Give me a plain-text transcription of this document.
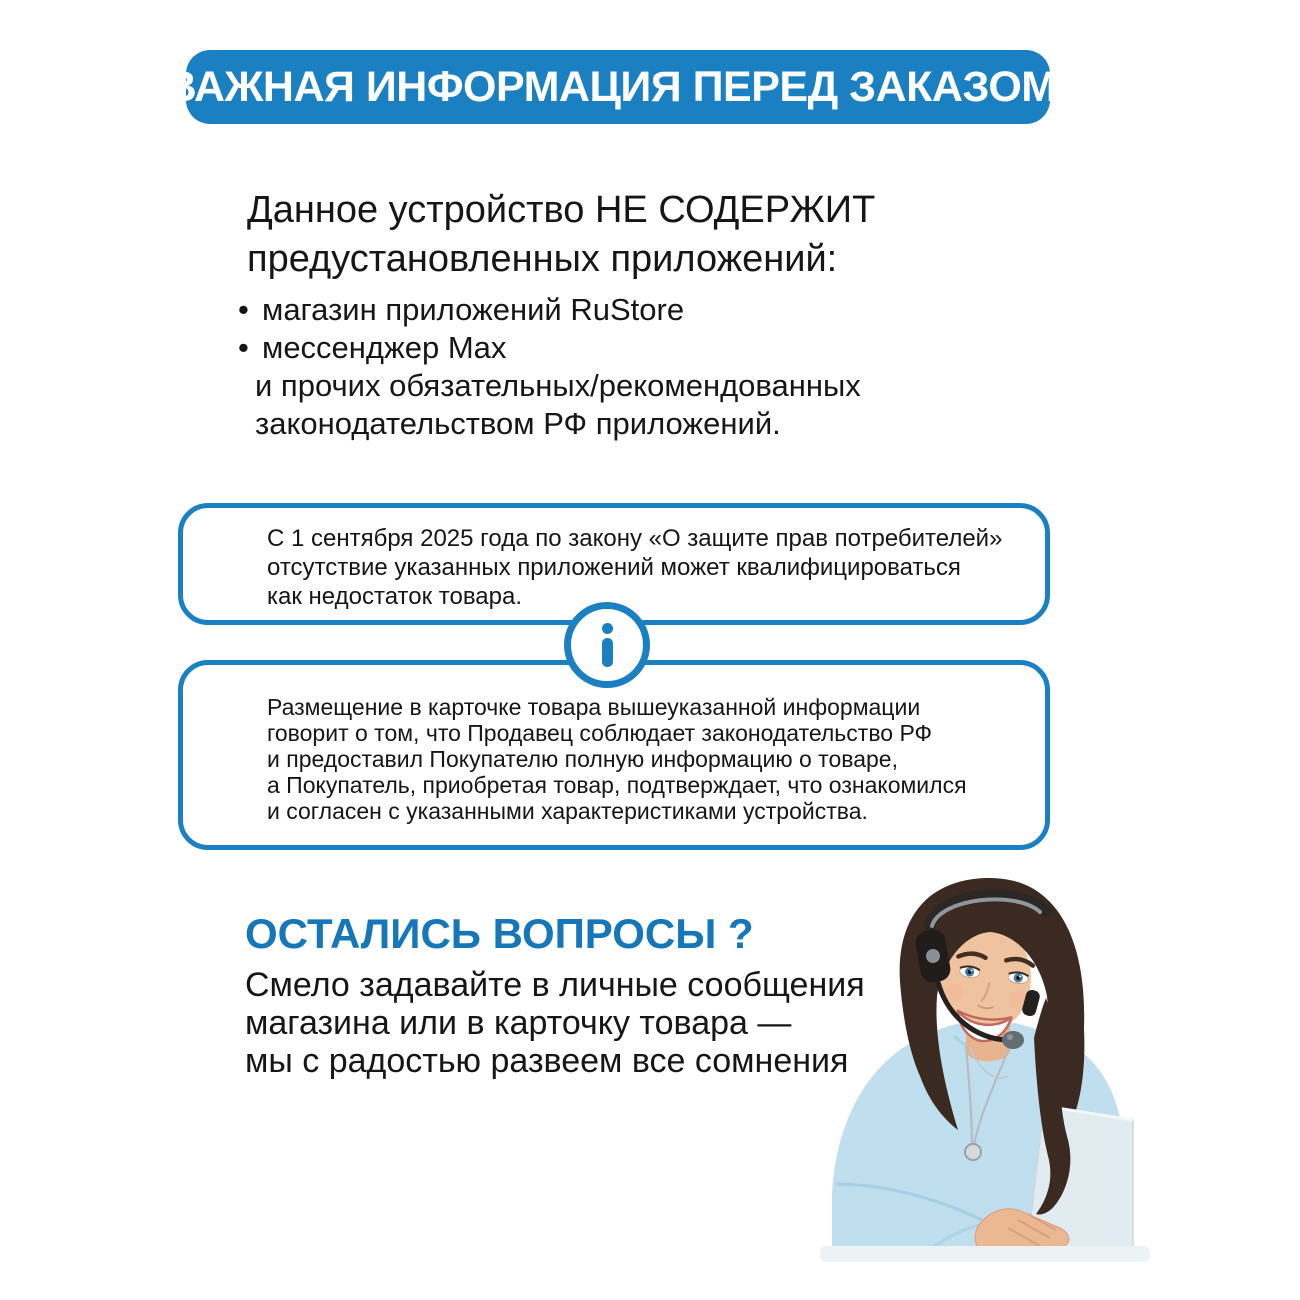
ВАЖНАЯ ИНФОРМАЦИЯ ПЕРЕД ЗАКАЗОМ:
Данное устройство НЕ СОДЕРЖИТ
предустановленных приложений:
• магазин приложений RuStore
• мессенджер Max
и прочих обязательных/рекомендованных
законодательством РФ приложений.
С 1 сентября 2025 года по закону «О защите прав потребителей»
отсутствие указанных приложений может квалифицироваться
как недостаток товара.
Размещение в карточке товара вышеуказанной информации
говорит о том, что Продавец соблюдает законодательство РФ
и предоставил Покупателю полную информацию о товаре,
а Покупатель, приобретая товар, подтверждает, что ознакомился
и согласен с указанными характеристиками устройства.
ОСТАЛИСЬ ВОПРОСЫ ?
Смело задавайте в личные сообщения
магазина или в карточку товара —
мы с радостью развеем все сомнения
